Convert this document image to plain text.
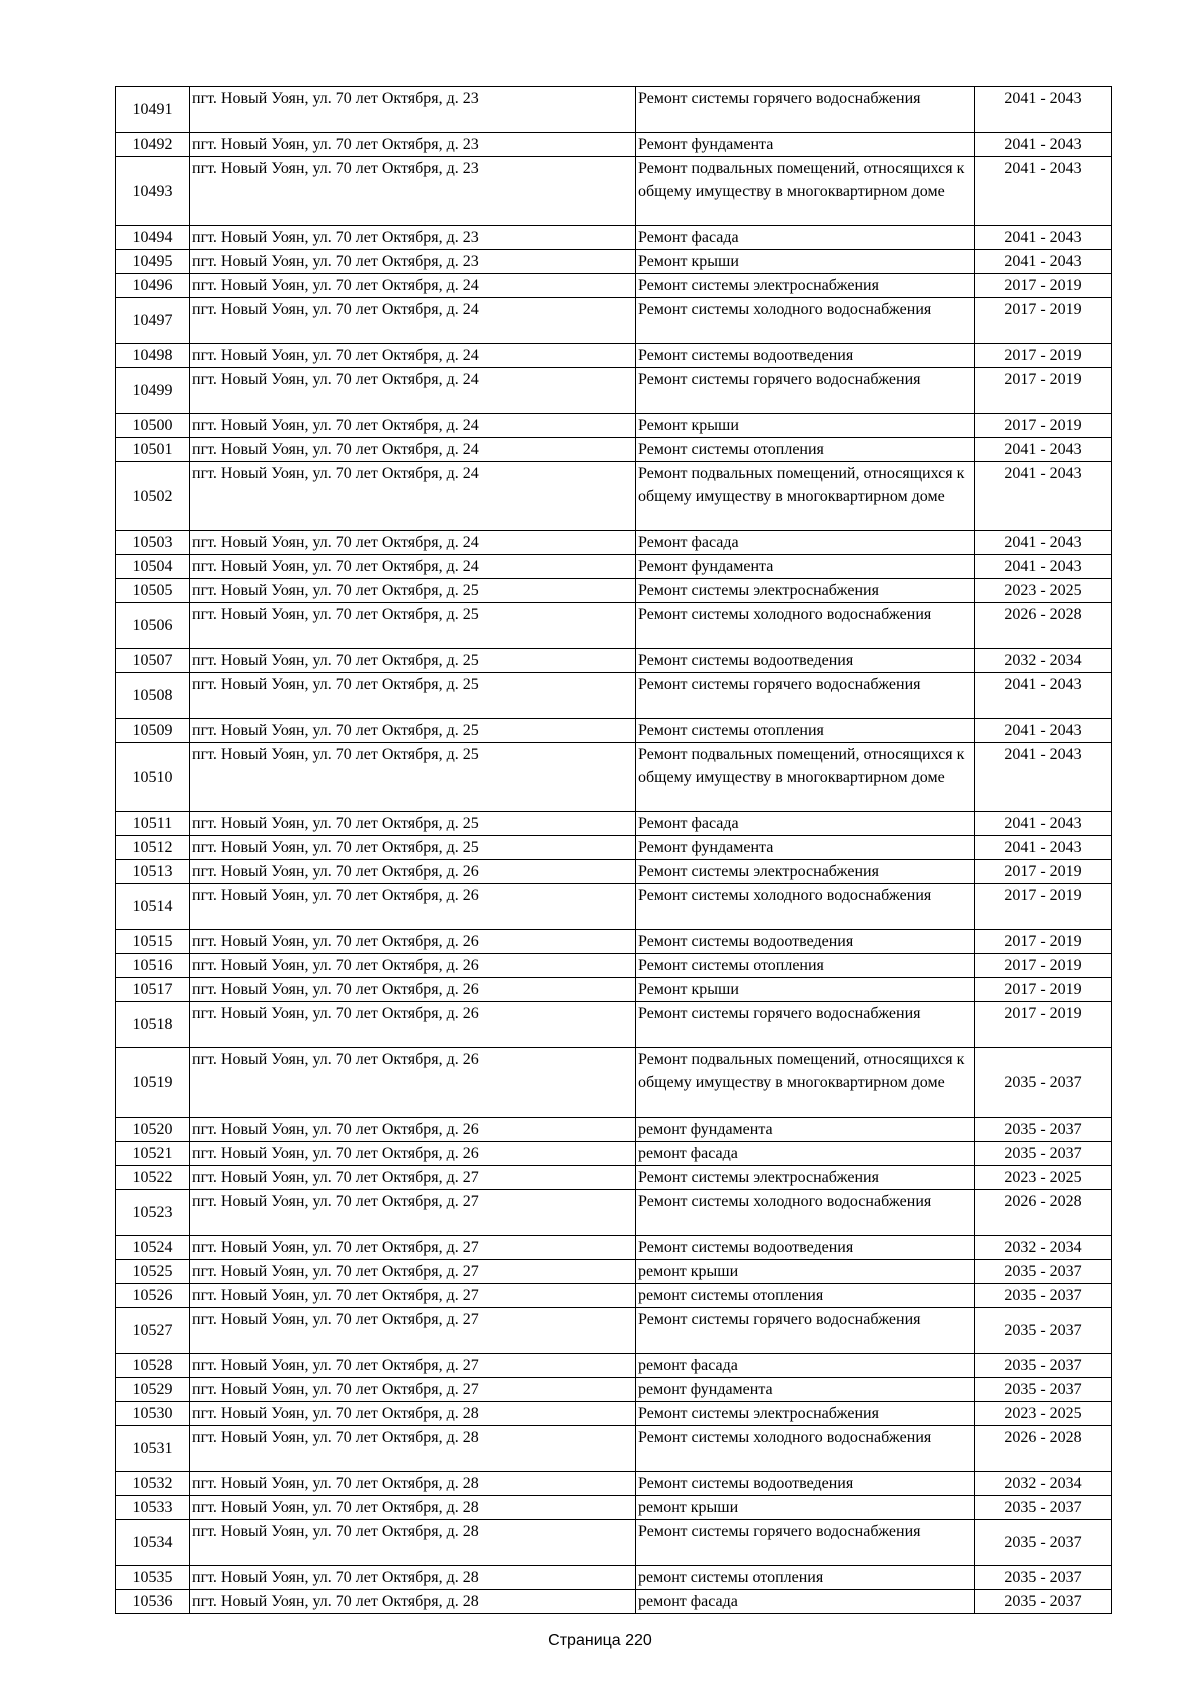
10491	пгт. Новый Уоян, ул. 70 лет Октября, д. 23	Ремонт системы горячего водоснабжения	2041 - 2043
10492	пгт. Новый Уоян, ул. 70 лет Октября, д. 23	Ремонт фундамента	2041 - 2043
10493	пгт. Новый Уоян, ул. 70 лет Октября, д. 23	Ремонт подвальных помещений, относящихся к общему имуществу в многоквартирном доме	2041 - 2043
10494	пгт. Новый Уоян, ул. 70 лет Октября, д. 23	Ремонт фасада	2041 - 2043
10495	пгт. Новый Уоян, ул. 70 лет Октября, д. 23	Ремонт крыши	2041 - 2043
10496	пгт. Новый Уоян, ул. 70 лет Октября, д. 24	Ремонт системы электроснабжения	2017 - 2019
10497	пгт. Новый Уоян, ул. 70 лет Октября, д. 24	Ремонт системы холодного водоснабжения	2017 - 2019
10498	пгт. Новый Уоян, ул. 70 лет Октября, д. 24	Ремонт системы водоотведения	2017 - 2019
10499	пгт. Новый Уоян, ул. 70 лет Октября, д. 24	Ремонт системы горячего водоснабжения	2017 - 2019
10500	пгт. Новый Уоян, ул. 70 лет Октября, д. 24	Ремонт крыши	2017 - 2019
10501	пгт. Новый Уоян, ул. 70 лет Октября, д. 24	Ремонт системы отопления	2041 - 2043
10502	пгт. Новый Уоян, ул. 70 лет Октября, д. 24	Ремонт подвальных помещений, относящихся к общему имуществу в многоквартирном доме	2041 - 2043
10503	пгт. Новый Уоян, ул. 70 лет Октября, д. 24	Ремонт фасада	2041 - 2043
10504	пгт. Новый Уоян, ул. 70 лет Октября, д. 24	Ремонт фундамента	2041 - 2043
10505	пгт. Новый Уоян, ул. 70 лет Октября, д. 25	Ремонт системы электроснабжения	2023 - 2025
10506	пгт. Новый Уоян, ул. 70 лет Октября, д. 25	Ремонт системы холодного водоснабжения	2026 - 2028
10507	пгт. Новый Уоян, ул. 70 лет Октября, д. 25	Ремонт системы водоотведения	2032 - 2034
10508	пгт. Новый Уоян, ул. 70 лет Октября, д. 25	Ремонт системы горячего водоснабжения	2041 - 2043
10509	пгт. Новый Уоян, ул. 70 лет Октября, д. 25	Ремонт системы отопления	2041 - 2043
10510	пгт. Новый Уоян, ул. 70 лет Октября, д. 25	Ремонт подвальных помещений, относящихся к общему имуществу в многоквартирном доме	2041 - 2043
10511	пгт. Новый Уоян, ул. 70 лет Октября, д. 25	Ремонт фасада	2041 - 2043
10512	пгт. Новый Уоян, ул. 70 лет Октября, д. 25	Ремонт фундамента	2041 - 2043
10513	пгт. Новый Уоян, ул. 70 лет Октября, д. 26	Ремонт системы электроснабжения	2017 - 2019
10514	пгт. Новый Уоян, ул. 70 лет Октября, д. 26	Ремонт системы холодного водоснабжения	2017 - 2019
10515	пгт. Новый Уоян, ул. 70 лет Октября, д. 26	Ремонт системы водоотведения	2017 - 2019
10516	пгт. Новый Уоян, ул. 70 лет Октября, д. 26	Ремонт системы отопления	2017 - 2019
10517	пгт. Новый Уоян, ул. 70 лет Октября, д. 26	Ремонт крыши	2017 - 2019
10518	пгт. Новый Уоян, ул. 70 лет Октября, д. 26	Ремонт системы горячего водоснабжения	2017 - 2019
10519	пгт. Новый Уоян, ул. 70 лет Октября, д. 26	Ремонт подвальных помещений, относящихся к общему имуществу в многоквартирном доме	2035 - 2037
10520	пгт. Новый Уоян, ул. 70 лет Октября, д. 26	ремонт фундамента	2035 - 2037
10521	пгт. Новый Уоян, ул. 70 лет Октября, д. 26	ремонт фасада	2035 - 2037
10522	пгт. Новый Уоян, ул. 70 лет Октября, д. 27	Ремонт системы электроснабжения	2023 - 2025
10523	пгт. Новый Уоян, ул. 70 лет Октября, д. 27	Ремонт системы холодного водоснабжения	2026 - 2028
10524	пгт. Новый Уоян, ул. 70 лет Октября, д. 27	Ремонт системы водоотведения	2032 - 2034
10525	пгт. Новый Уоян, ул. 70 лет Октября, д. 27	ремонт крыши	2035 - 2037
10526	пгт. Новый Уоян, ул. 70 лет Октября, д. 27	ремонт системы отопления	2035 - 2037
10527	пгт. Новый Уоян, ул. 70 лет Октября, д. 27	Ремонт системы горячего водоснабжения	2035 - 2037
10528	пгт. Новый Уоян, ул. 70 лет Октября, д. 27	ремонт фасада	2035 - 2037
10529	пгт. Новый Уоян, ул. 70 лет Октября, д. 27	ремонт фундамента	2035 - 2037
10530	пгт. Новый Уоян, ул. 70 лет Октября, д. 28	Ремонт системы электроснабжения	2023 - 2025
10531	пгт. Новый Уоян, ул. 70 лет Октября, д. 28	Ремонт системы холодного водоснабжения	2026 - 2028
10532	пгт. Новый Уоян, ул. 70 лет Октября, д. 28	Ремонт системы водоотведения	2032 - 2034
10533	пгт. Новый Уоян, ул. 70 лет Октября, д. 28	ремонт крыши	2035 - 2037
10534	пгт. Новый Уоян, ул. 70 лет Октября, д. 28	Ремонт системы горячего водоснабжения	2035 - 2037
10535	пгт. Новый Уоян, ул. 70 лет Октября, д. 28	ремонт системы отопления	2035 - 2037
10536	пгт. Новый Уоян, ул. 70 лет Октября, д. 28	ремонт фасада	2035 - 2037
Страница 220
